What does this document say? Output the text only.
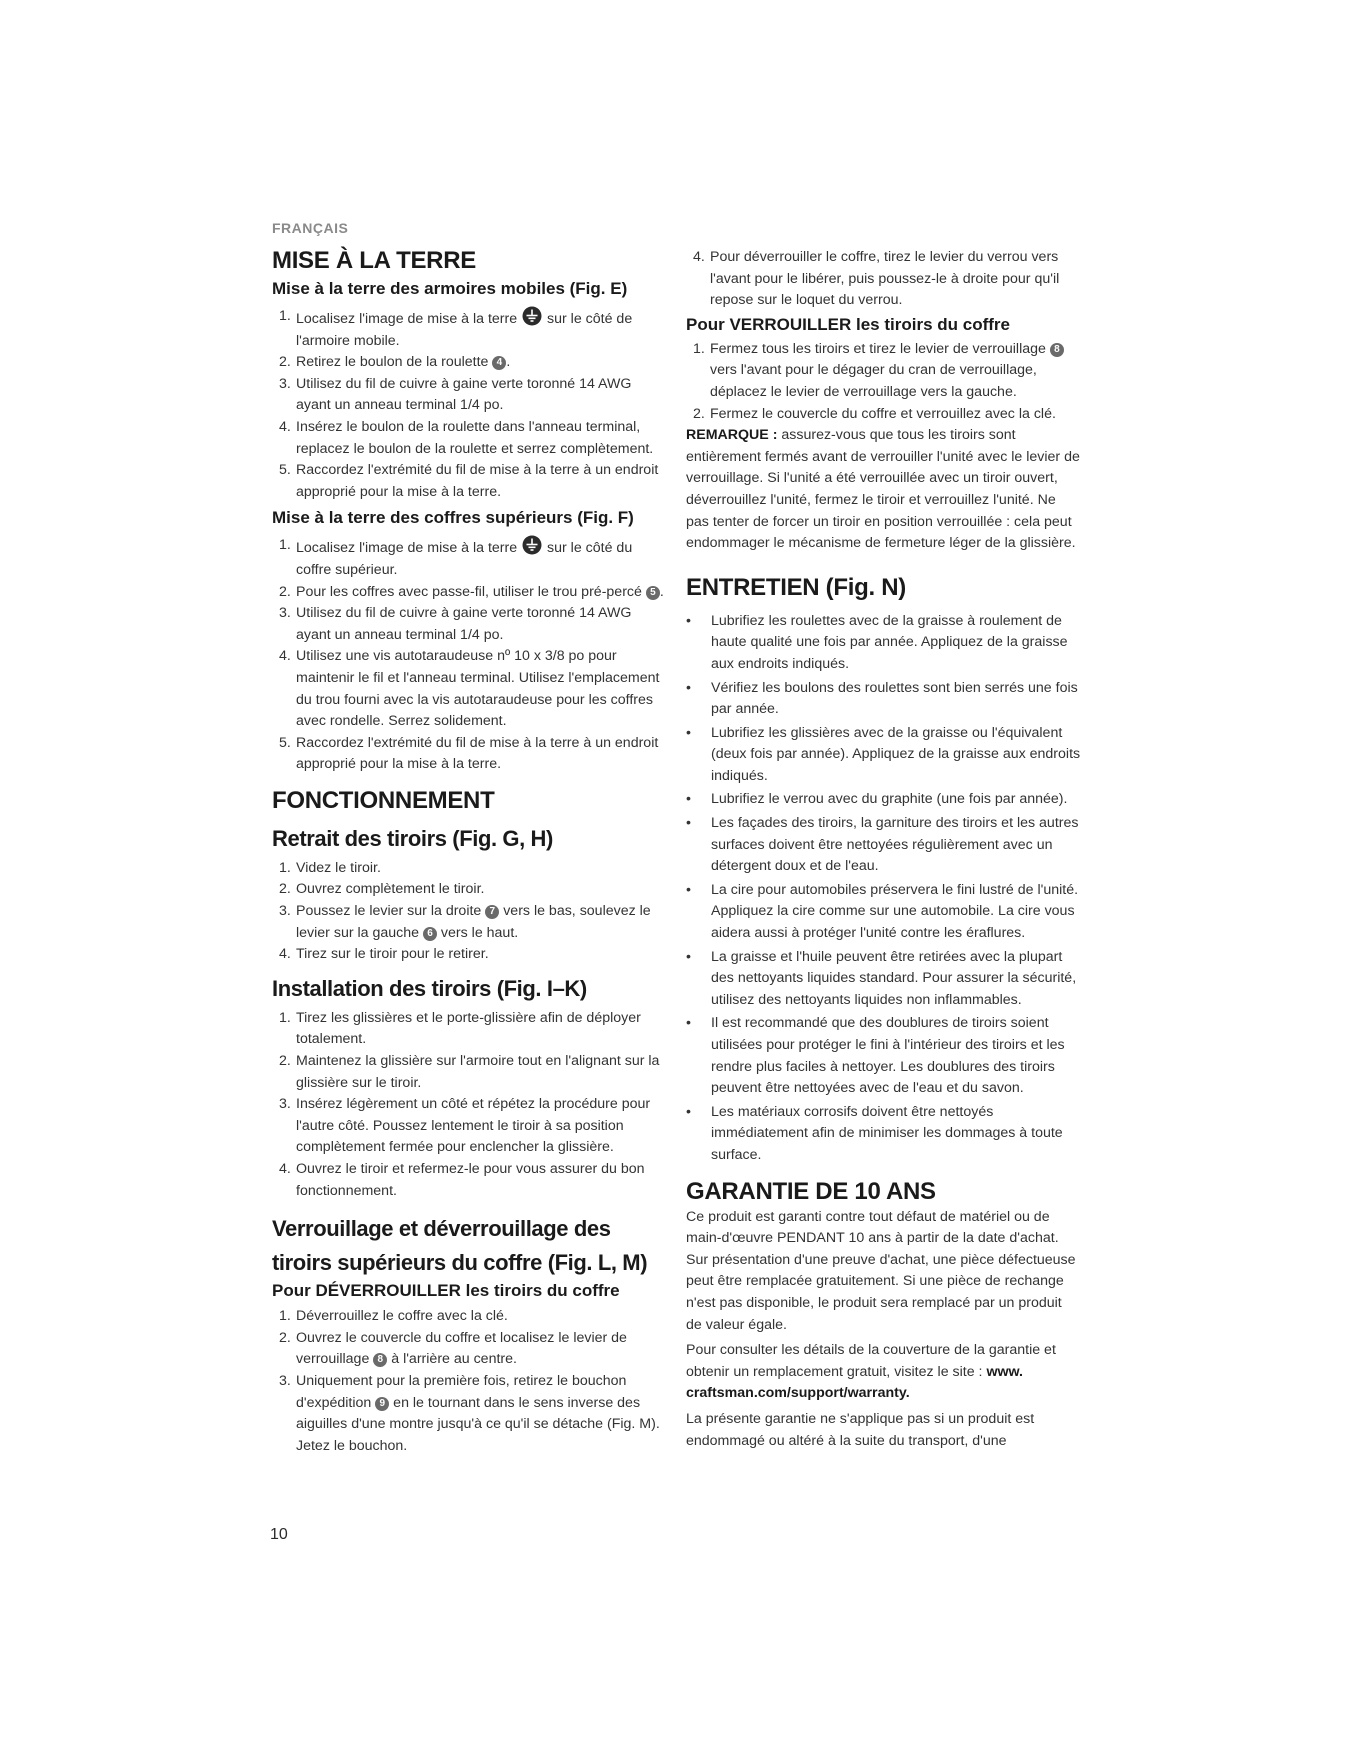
FRANÇAIS
MISE À LA TERRE
Mise à la terre des armoires mobiles (Fig. E)
1. Localisez l'image de mise à la terre  sur le côté de l'armoire mobile.
2. Retirez le boulon de la roulette 4 .
3. Utilisez du fil de cuivre à gaine verte toronné 14 AWG ayant un anneau terminal 1/4 po.
4. Insérez le boulon de la roulette dans l'anneau terminal, replacez le boulon de la roulette et serrez complètement.
5. Raccordez l'extrémité du fil de mise à la terre à un endroit approprié pour la mise à la terre.
Mise à la terre des coffres supérieurs (Fig. F)
1. Localisez l'image de mise à la terre  sur le côté du coffre supérieur.
2. Pour les coffres avec passe-fil, utiliser le trou pré-percé 5 .
3. Utilisez du fil de cuivre à gaine verte toronné 14 AWG ayant un anneau terminal 1/4 po.
4. Utilisez une vis autotaraudeuse nº 10 x 3/8 po pour maintenir le fil et l'anneau terminal. Utilisez l'emplacement du trou fourni avec la vis autotaraudeuse pour les coffres avec rondelle. Serrez solidement.
5. Raccordez l'extrémité du fil de mise à la terre à un endroit approprié pour la mise à la terre.
FONCTIONNEMENT
Retrait des tiroirs (Fig. G, H)
1. Videz le tiroir.
2. Ouvrez complètement le tiroir.
3. Poussez le levier sur la droite 7 vers le bas, soulevez le levier sur la gauche 6 vers le haut.
4. Tirez sur le tiroir pour le retirer.
Installation des tiroirs (Fig. I–K)
1. Tirez les glissières et le porte-glissière afin de déployer totalement.
2. Maintenez la glissière sur l'armoire tout en l'alignant sur la glissière sur le tiroir.
3. Insérez légèrement un côté et répétez la procédure pour l'autre côté. Poussez lentement le tiroir à sa position complètement fermée pour enclencher la glissière.
4. Ouvrez le tiroir et refermez-le pour vous assurer du bon fonctionnement.
Verrouillage et déverrouillage des tiroirs supérieurs du coffre (Fig. L, M)
Pour DÉVERROUILLER les tiroirs du coffre
1. Déverrouillez le coffre avec la clé.
2. Ouvrez le couvercle du coffre et localisez le levier de verrouillage 8 à l'arrière au centre.
3. Uniquement pour la première fois, retirez le bouchon d'expédition 9 en le tournant dans le sens inverse des aiguilles d'une montre jusqu'à ce qu'il se détache (Fig. M). Jetez le bouchon.
10
4. Pour déverrouiller le coffre, tirez le levier du verrou vers l'avant pour le libérer, puis poussez-le à droite pour qu'il repose sur le loquet du verrou.
Pour VERROUILLER les tiroirs du coffre
1. Fermez tous les tiroirs et tirez le levier de verrouillage 8 vers l'avant pour le dégager du cran de verrouillage, déplacez le levier de verrouillage vers la gauche.
2. Fermez le couvercle du coffre et verrouillez avec la clé.

REMARQUE : assurez-vous que tous les tiroirs sont entièrement fermés avant de verrouiller l'unité avec le levier de verrouillage. Si l'unité a été verrouillée avec un tiroir ouvert, déverrouillez l'unité, fermez le tiroir et verrouillez l'unité. Ne pas tenter de forcer un tiroir en position verrouillée : cela peut endommager le mécanisme de fermeture léger de la glissière.

ENTRETIEN (Fig. N)
• Lubrifiez les roulettes avec de la graisse à roulement de haute qualité une fois par année. Appliquez de la graisse aux endroits indiqués.
• Vérifiez les boulons des roulettes sont bien serrés une fois par année.
• Lubrifiez les glissières avec de la graisse ou l'équivalent (deux fois par année). Appliquez de la graisse aux endroits indiqués.
• Lubrifiez le verrou avec du graphite (une fois par année).
• Les façades des tiroirs, la garniture des tiroirs et les autres surfaces doivent être nettoyées régulièrement avec un détergent doux et de l'eau.
• La cire pour automobiles préservera le fini lustré de l'unité. Appliquez la cire comme sur une automobile. La cire vous aidera aussi à protéger l'unité contre les éraflures.
• La graisse et l'huile peuvent être retirées avec la plupart des nettoyants liquides standard. Pour assurer la sécurité, utilisez des nettoyants liquides non inflammables.
• Il est recommandé que des doublures de tiroirs soient utilisées pour protéger le fini à l'intérieur des tiroirs et les rendre plus faciles à nettoyer. Les doublures des tiroirs peuvent être nettoyées avec de l'eau et du savon.
• Les matériaux corrosifs doivent être nettoyés immédiatement afin de minimiser les dommages à toute surface.
GARANTIE DE 10 ANS

Ce produit est garanti contre tout défaut de matériel ou de main-d'œuvre PENDANT 10 ans à partir de la date d'achat. Sur présentation d'une preuve d'achat, une pièce défectueuse peut être remplacée gratuitement. Si une pièce de rechange n'est pas disponible, le produit sera remplacé par un produit de valeur égale.

Pour consulter les détails de la couverture de la garantie et obtenir un remplacement gratuit, visitez le site : www. craftsman.com/support/warranty.

La présente garantie ne s'applique pas si un produit est endommagé ou altéré à la suite du transport, d'une
